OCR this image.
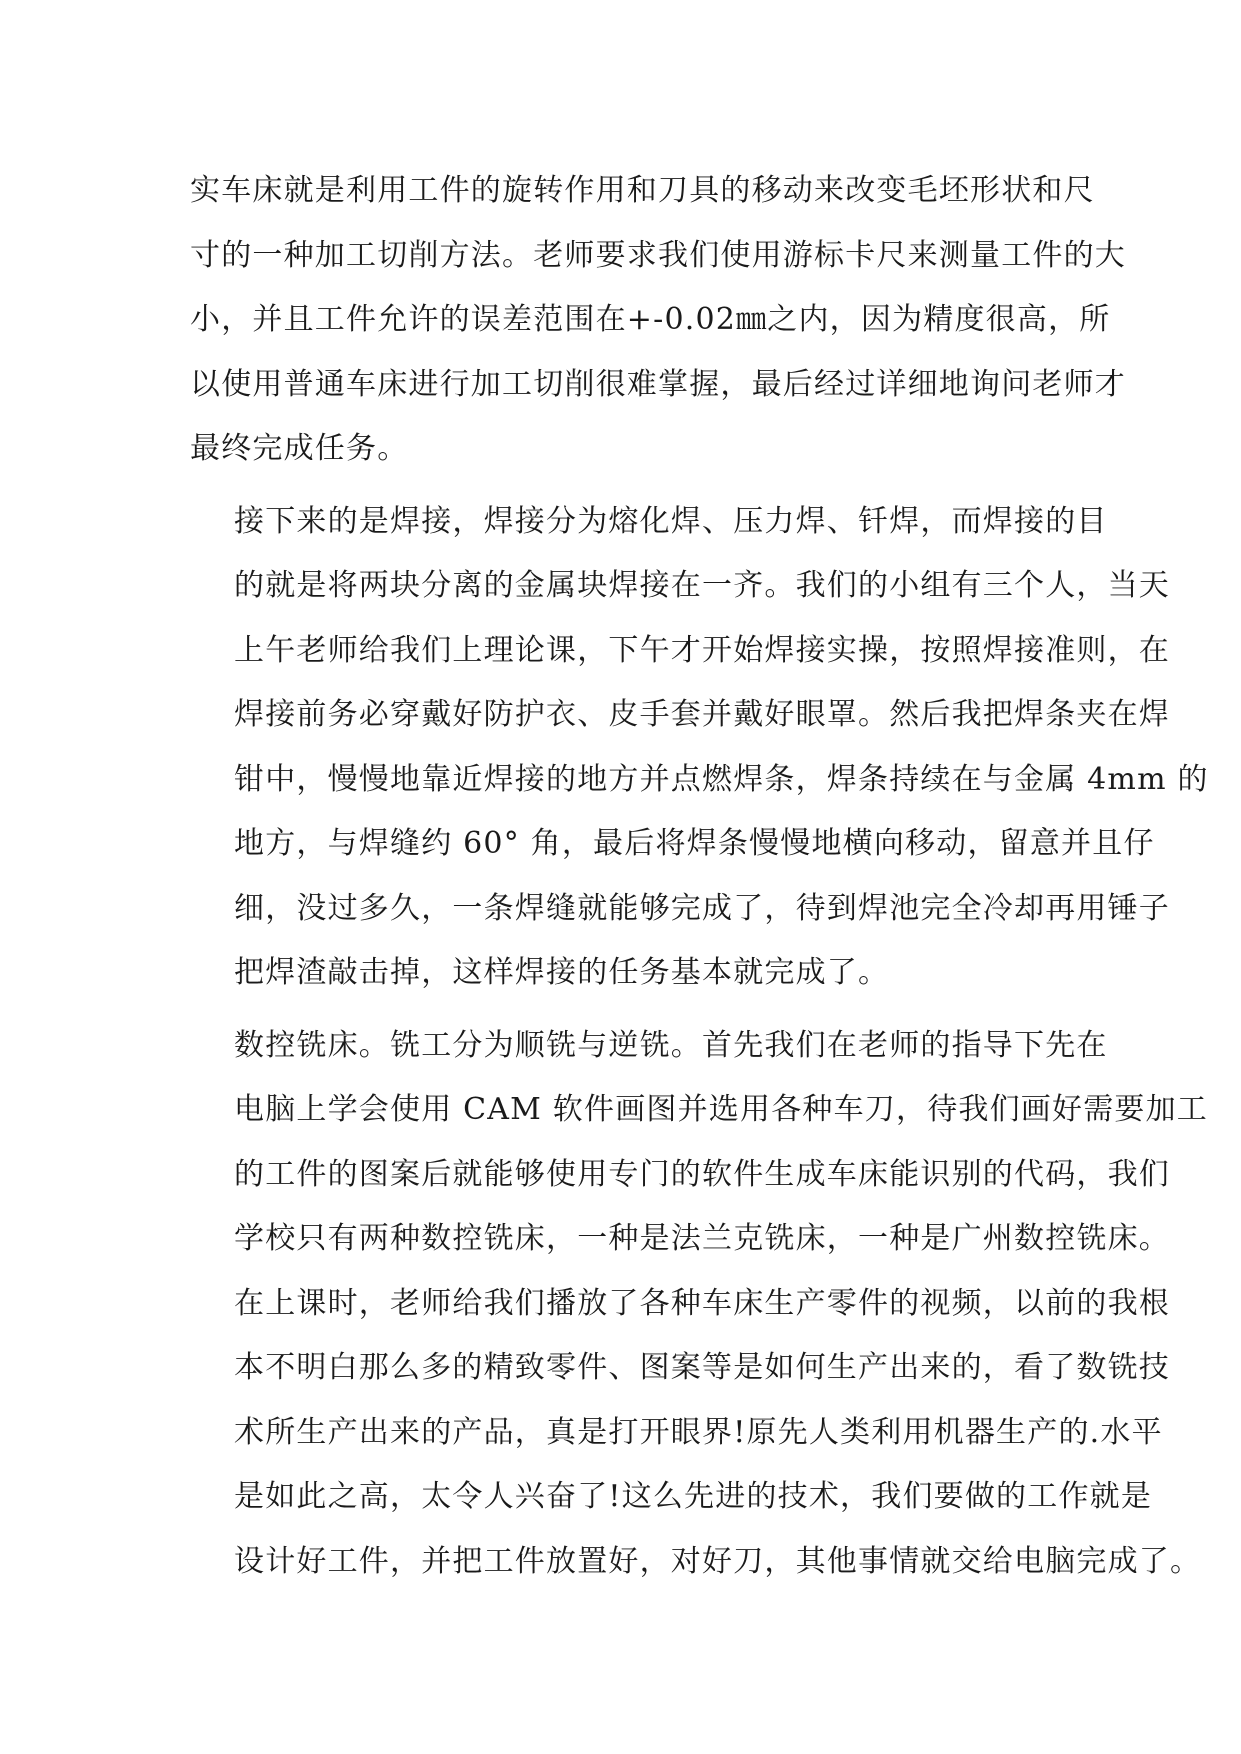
实车床就是利用工件的旋转作用和刀具的移动来改变毛坯形状和尺
寸的一种加工切削方法。老师要求我们使用游标卡尺来测量工件的大
小，并且工件允许的误差范围在+-0.02㎜之内，因为精度很高，所
以使用普通车床进行加工切削很难掌握，最后经过详细地询问老师才
最终完成任务。

接下来的是焊接，焊接分为熔化焊、压力焊、钎焊，而焊接的目
的就是将两块分离的金属块焊接在一齐。我们的小组有三个人，当天
上午老师给我们上理论课，下午才开始焊接实操，按照焊接准则，在
焊接前务必穿戴好防护衣、皮手套并戴好眼罩。然后我把焊条夹在焊
钳中，慢慢地靠近焊接的地方并点燃焊条，焊条持续在与金属 4mm 的
地方，与焊缝约 60° 角，最后将焊条慢慢地横向移动，留意并且仔
细，没过多久，一条焊缝就能够完成了，待到焊池完全冷却再用锤子
把焊渣敲击掉，这样焊接的任务基本就完成了。

数控铣床。铣工分为顺铣与逆铣。首先我们在老师的指导下先在
电脑上学会使用 CAM 软件画图并选用各种车刀，待我们画好需要加工
的工件的图案后就能够使用专门的软件生成车床能识别的代码，我们
学校只有两种数控铣床，一种是法兰克铣床，一种是广州数控铣床。
在上课时，老师给我们播放了各种车床生产零件的视频，以前的我根
本不明白那么多的精致零件、图案等是如何生产出来的，看了数铣技
术所生产出来的产品，真是打开眼界!原先人类利用机器生产的.水平
是如此之高，太令人兴奋了!这么先进的技术，我们要做的工作就是
设计好工件，并把工件放置好，对好刀，其他事情就交给电脑完成了。
